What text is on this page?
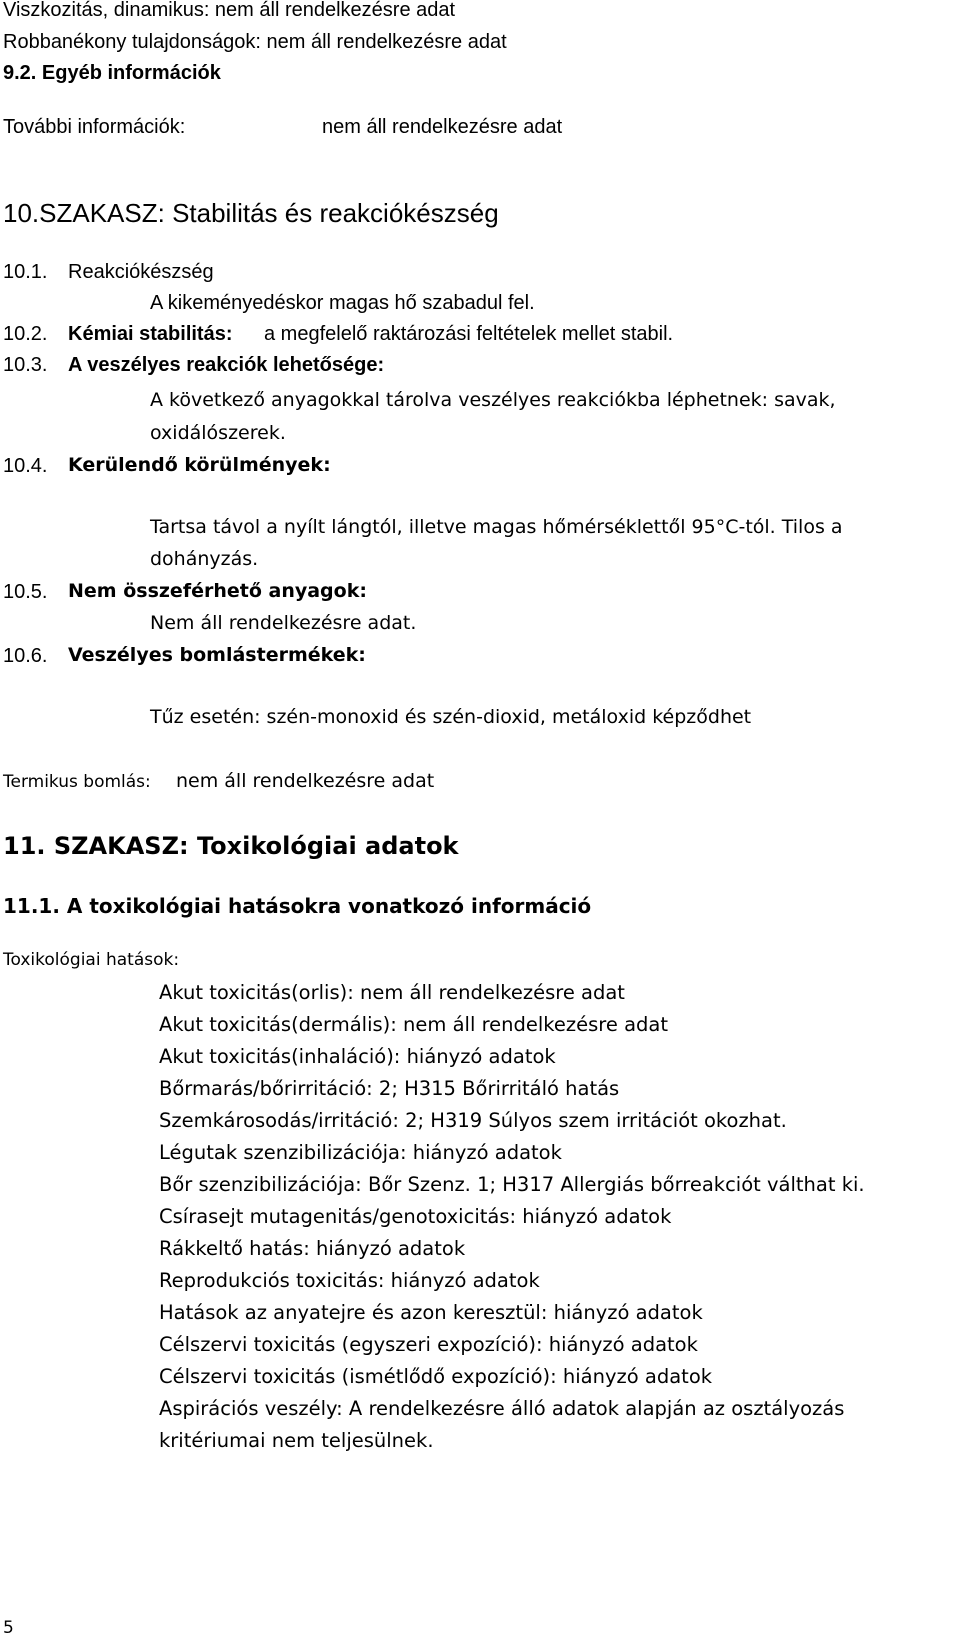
Viszkozitás, dinamikus: nem áll rendelkezésre adat
Robbanékony tulajdonságok: nem áll rendelkezésre adat
9.2. Egyéb információk
További információk:	nem áll rendelkezésre adat
10.SZAKASZ: Stabilitás és reakciókészség
10.1. Reakciókészség
A kikeményedéskor magas hő szabadul fel.
10.2. Kémiai stabilitás: a megfelelő raktározási feltételek mellet stabil.
10.3. A veszélyes reakciók lehetősége:
A következő anyagokkal tárolva veszélyes reakciókba léphetnek: savak,
oxidálószerek.
10.4. Kerülendő körülmények:
Tartsa távol a nyílt lángtól, illetve magas hőmérséklettől 95°C-tól. Tilos a
dohányzás.
10.5. Nem összeférhető anyagok:
Nem áll rendelkezésre adat.
10.6. Veszélyes bomlástermékek:
Tűz esetén: szén-monoxid és szén-dioxid, metáloxid képződhet
Termikus bomlás: nem áll rendelkezésre adat
11. SZAKASZ: Toxikológiai adatok
11.1. A toxikológiai hatásokra vonatkozó információ
Toxikológiai hatások:
Akut toxicitás(orlis): nem áll rendelkezésre adat
Akut toxicitás(dermális): nem áll rendelkezésre adat
Akut toxicitás(inhaláció): hiányzó adatok
Bőrmarás/bőrirritáció: 2; H315 Bőrirritáló hatás
Szemkárosodás/irritáció: 2; H319 Súlyos szem irritációt okozhat.
Légutak szenzibilizációja: hiányzó adatok
Bőr szenzibilizációja: Bőr Szenz. 1; H317 Allergiás bőrreakciót válthat ki.
Csírasejt mutagenitás/genotoxicitás: hiányzó adatok
Rákkeltő hatás: hiányzó adatok
Reprodukciós toxicitás: hiányzó adatok
Hatások az anyatejre és azon keresztül: hiányzó adatok
Célszervi toxicitás (egyszeri expozíció): hiányzó adatok
Célszervi toxicitás (ismétlődő expozíció): hiányzó adatok
Aspirációs veszély: A rendelkezésre álló adatok alapján az osztályozás
kritériumai nem teljesülnek.
5
